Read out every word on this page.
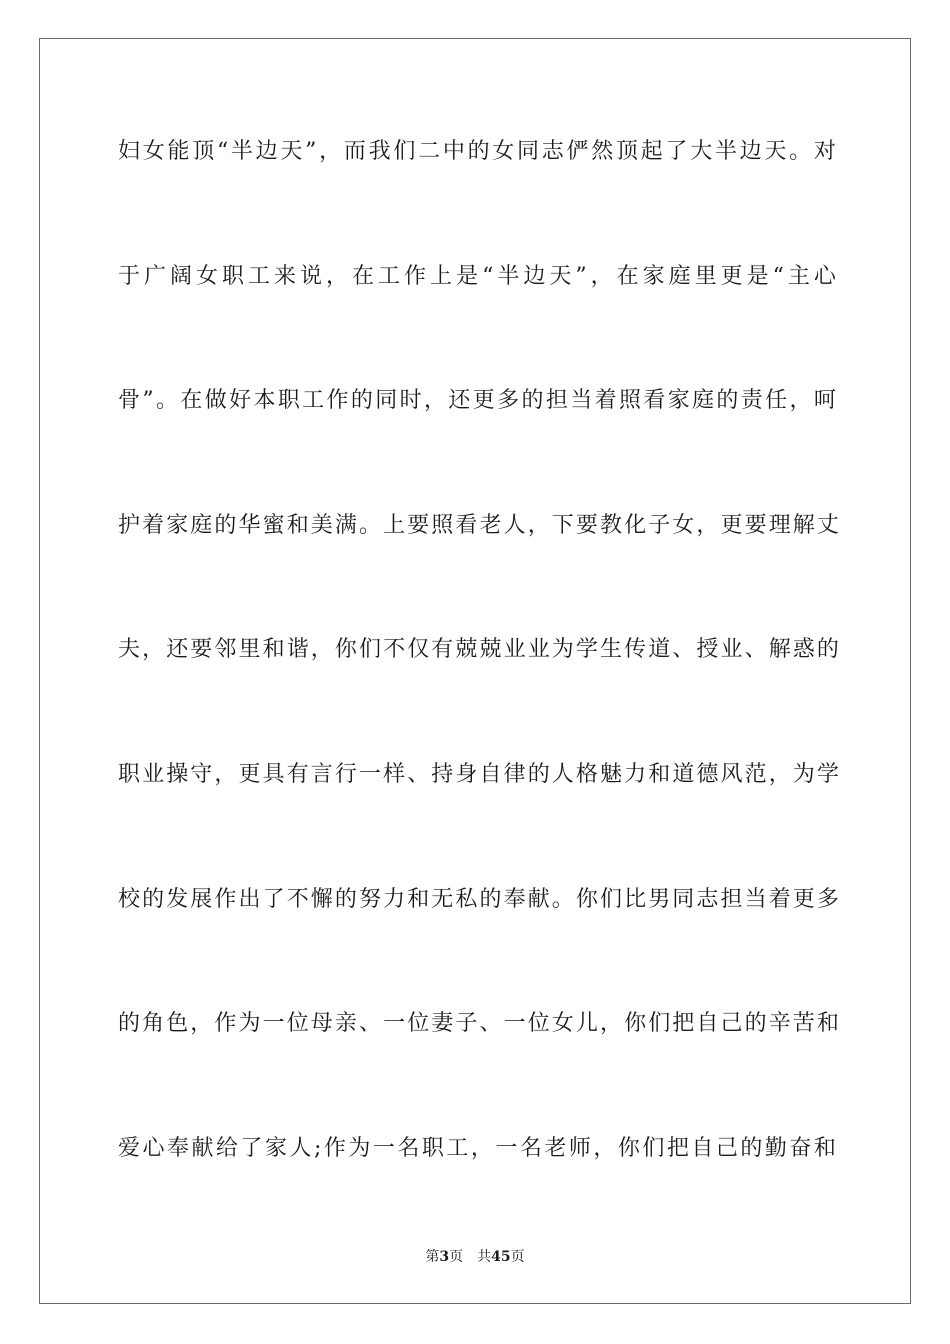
妇女能顶“半边天”，而我们二中的女同志俨然顶起了大半边天。对
于广阔女职工来说，在工作上是“半边天”，在家庭里更是“主心
骨”。在做好本职工作的同时，还更多的担当着照看家庭的责任，呵
护着家庭的华蜜和美满。上要照看老人，下要教化子女，更要理解丈
夫，还要邻里和谐，你们不仅有兢兢业业为学生传道、授业、解惑的
职业操守，更具有言行一样、持身自律的人格魅力和道德风范，为学
校的发展作出了不懈的努力和无私的奉献。你们比男同志担当着更多
的角色，作为一位母亲、一位妻子、一位女儿，你们把自己的辛苦和
爱心奉献给了家人;作为一名职工，一名老师，你们把自己的勤奋和
第3页 共45页
